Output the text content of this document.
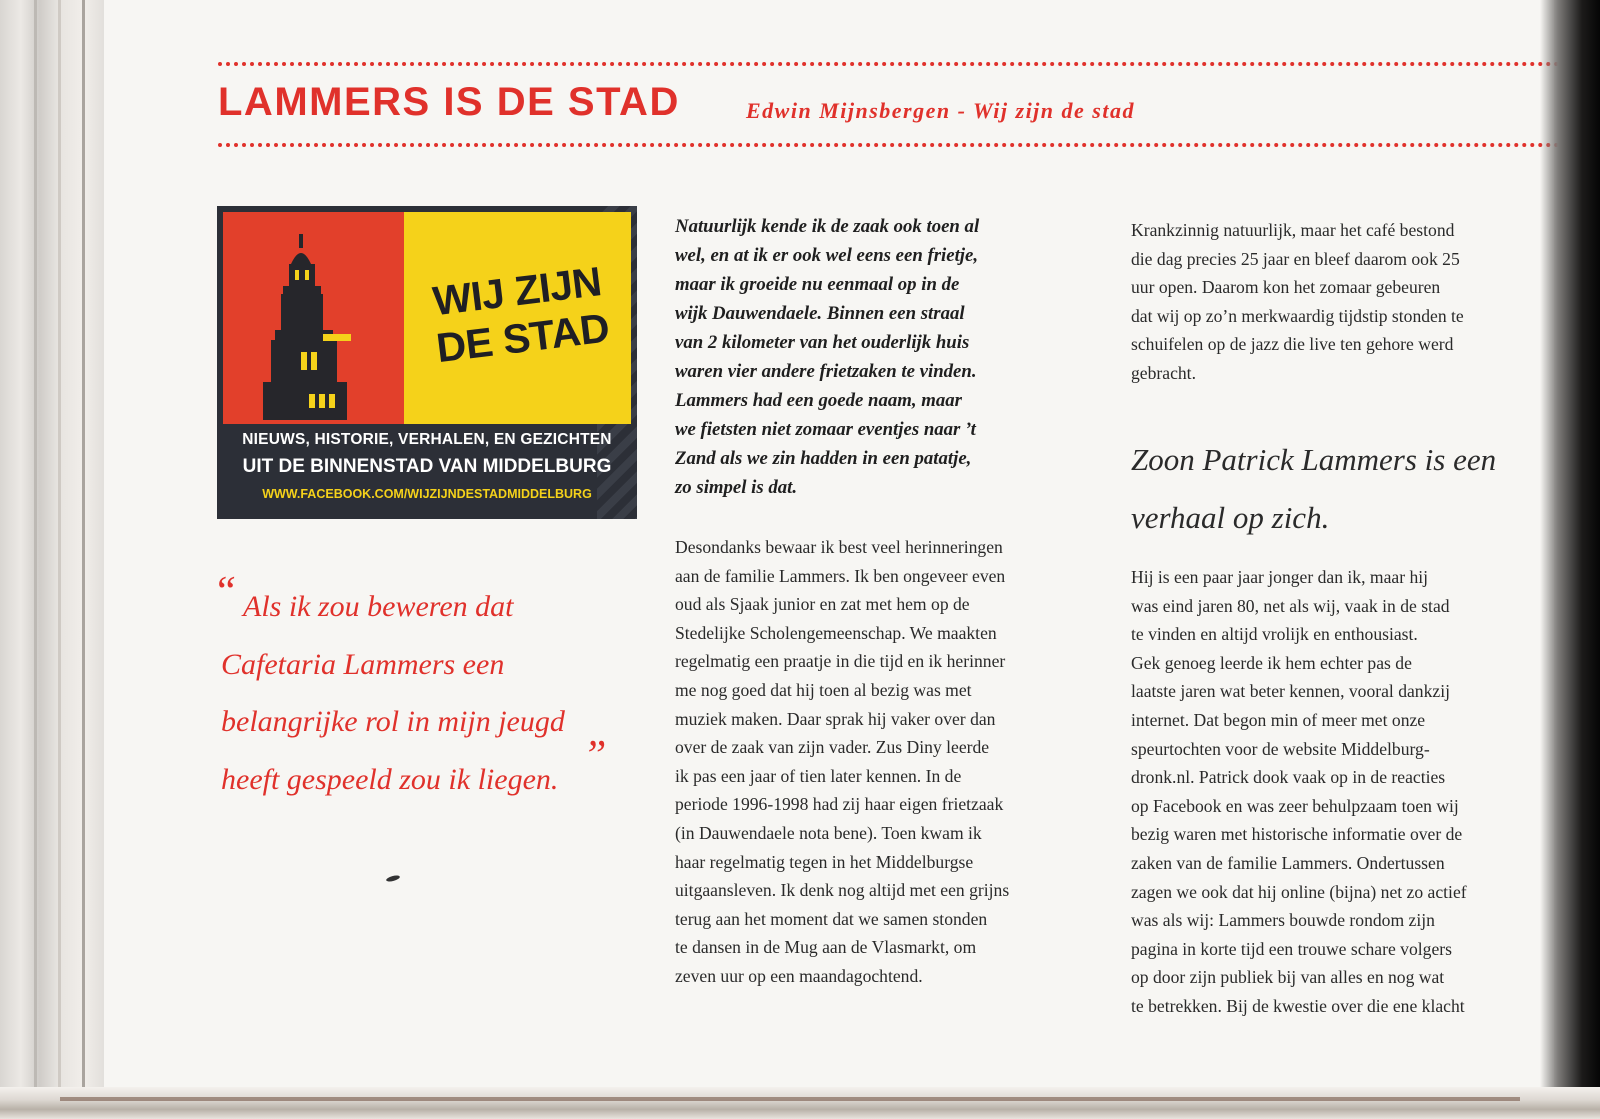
LAMMERS IS DE STAD	Edwin Mijnsbergen - Wij zijn de stad
WIJ ZIJN
DE STAD
NIEUWS, HISTORIE, VERHALEN, EN GEZICHTEN
UIT DE BINNENSTAD VAN MIDDELBURG
WWW.FACEBOOK.COM/WIJZIJNDESTADMIDDELBURG
“ Als ik zou beweren dat
Cafetaria Lammers een
belangrijke rol in mijn jeugd
heeft gespeeld zou ik liegen. ”
Natuurlijk kende ik de zaak ook toen al
wel, en at ik er ook wel eens een frietje,
maar ik groeide nu eenmaal op in de
wijk Dauwendaele. Binnen een straal
van 2 kilometer van het ouderlijk huis
waren vier andere frietzaken te vinden.
Lammers had een goede naam, maar
we fietsten niet zomaar eventjes naar ’t
Zand als we zin hadden in een patatje,
zo simpel is dat.
Desondanks bewaar ik best veel herinneringen
aan de familie Lammers. Ik ben ongeveer even
oud als Sjaak junior en zat met hem op de
Stedelijke Scholengemeenschap. We maakten
regelmatig een praatje in die tijd en ik herinner
me nog goed dat hij toen al bezig was met
muziek maken. Daar sprak hij vaker over dan
over de zaak van zijn vader. Zus Diny leerde
ik pas een jaar of tien later kennen. In de
periode 1996-1998 had zij haar eigen frietzaak
(in Dauwendaele nota bene). Toen kwam ik
haar regelmatig tegen in het Middelburgse
uitgaansleven. Ik denk nog altijd met een grijns
terug aan het moment dat we samen stonden
te dansen in de Mug aan de Vlasmarkt, om
zeven uur op een maandagochtend.
Krankzinnig natuurlijk, maar het café bestond
die dag precies 25 jaar en bleef daarom ook 25
uur open. Daarom kon het zomaar gebeuren
dat wij op zo’n merkwaardig tijdstip stonden te
schuifelen op de jazz die live ten gehore werd
gebracht.
Zoon Patrick Lammers is een
verhaal op zich.
Hij is een paar jaar jonger dan ik, maar hij
was eind jaren 80, net als wij, vaak in de stad
te vinden en altijd vrolijk en enthousiast.
Gek genoeg leerde ik hem echter pas de
laatste jaren wat beter kennen, vooral dankzij
internet. Dat begon min of meer met onze
speurtochten voor de website Middelburg-
dronk.nl. Patrick dook vaak op in de reacties
op Facebook en was zeer behulpzaam toen wij
bezig waren met historische informatie over de
zaken van de familie Lammers. Ondertussen
zagen we ook dat hij online (bijna) net zo actief
was als wij: Lammers bouwde rondom zijn
pagina in korte tijd een trouwe schare volgers
op door zijn publiek bij van alles en nog wat
te betrekken. Bij de kwestie over die ene klacht
